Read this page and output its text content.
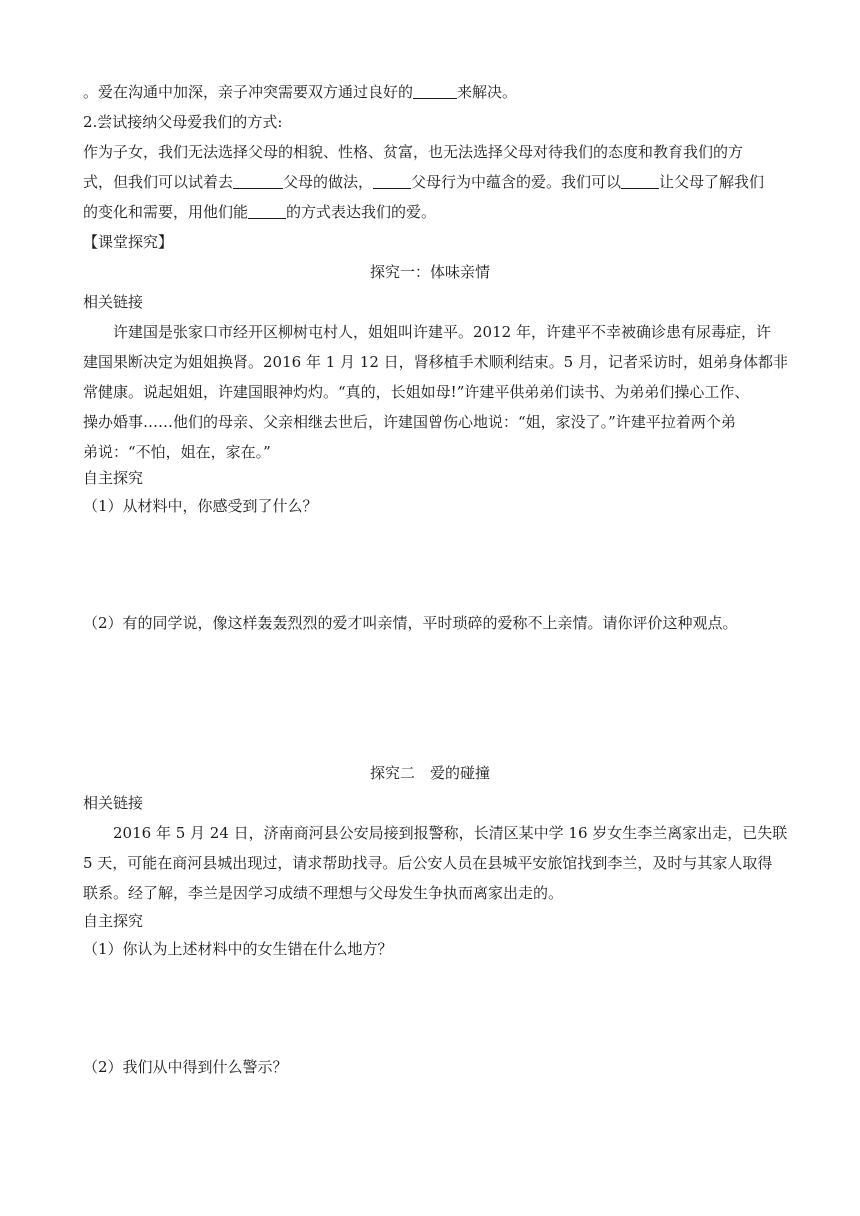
。爱在沟通中加深，亲子冲突需要双方通过良好的	来解决。
2.尝试接纳父母爱我们的方式:
作为子女，我们无法选择父母的相貌、性格、贫富，也无法选择父母对待我们的态度和教育我们的方
式，但我们可以试着去	父母的做法，	父母行为中蕴含的爱。我们可以	让父母了解我们
的变化和需要，用他们能	的方式表达我们的爱。
【课堂探究】
探究一：体味亲情
相关链接
许建国是张家口市经开区柳树屯村人，姐姐叫许建平。2012 年，许建平不幸被确诊患有尿毒症，许
建国果断决定为姐姐换肾。2016 年 1 月 12 日，肾移植手术顺利结束。5 月，记者采访时，姐弟身体都非
常健康。说起姐姐，许建国眼神灼灼。“真的，长姐如母!”许建平供弟弟们读书、为弟弟们操心工作、
操办婚事……他们的母亲、父亲相继去世后，许建国曾伤心地说：“姐，家没了。”许建平拉着两个弟
弟说：“不怕，姐在，家在。”
自主探究
（1）从材料中，你感受到了什么？
（2）有的同学说，像这样轰轰烈烈的爱才叫亲情，平时琐碎的爱称不上亲情。请你评价这种观点。
探究二　爱的碰撞
相关链接
2016 年 5 月 24 日，济南商河县公安局接到报警称，长清区某中学 16 岁女生李兰离家出走，已失联
5 天，可能在商河县城出现过，请求帮助找寻。后公安人员在县城平安旅馆找到李兰，及时与其家人取得
联系。经了解，李兰是因学习成绩不理想与父母发生争执而离家出走的。
自主探究
（1）你认为上述材料中的女生错在什么地方？
（2）我们从中得到什么警示？
